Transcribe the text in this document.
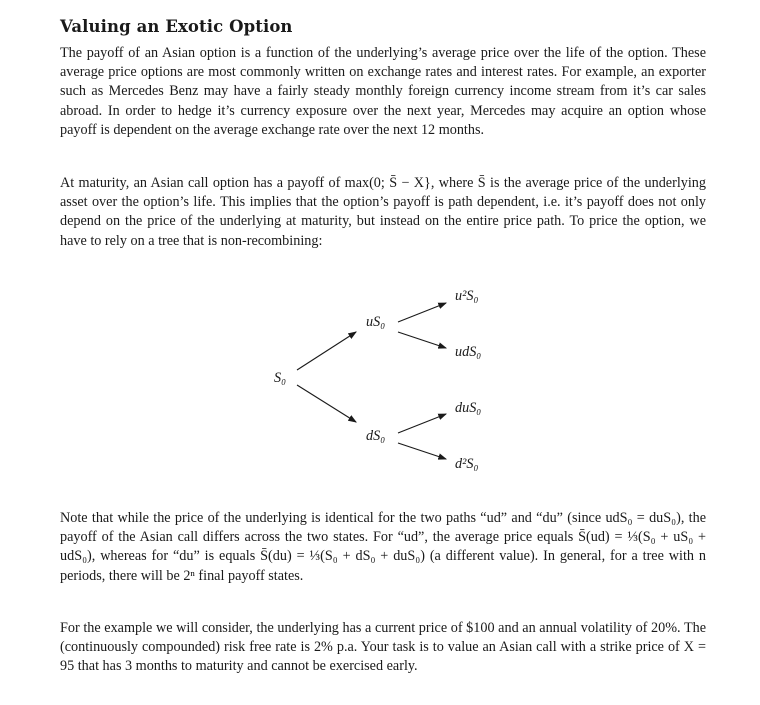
Valuing an Exotic Option

The payoff of an Asian option is a function of the underlying’s average price over the life of the option. These average price options are most commonly written on exchange rates and interest rates. For example, an exporter such as Mercedes Benz may have a fairly steady monthly foreign currency income stream from it’s car sales abroad. In order to hedge it’s currency exposure over the next year, Mercedes may acquire an option whose payoff is dependent on the average exchange rate over the next 12 months.

At maturity, an Asian call option has a payoff of max(0; S̄ − X}, where S̄ is the average price of the underlying asset over the option’s life. This implies that the option’s payoff is path dependent, i.e. it’s payoff does not only depend on the price of the underlying at maturity, but instead on the entire price path. To price the option, we have to rely on a tree that is non-recombining:

Note that while the price of the underlying is identical for the two paths “ud” and “du” (since udS₀ = duS₀), the payoff of the Asian call differs across the two states. For “ud”, the average price equals S̄(ud) = ⅓(S₀ + uS₀ + udS₀), whereas for “du” is equals S̄(du) = ⅓(S₀ + dS₀ + duS₀) (a different value). In general, for a tree with n periods, there will be 2ⁿ final payoff states.

For the example we will consider, the underlying has a current price of $100 and an annual volatility of 20%. The (continuously compounded) risk free rate is 2% p.a. Your task is to value an Asian call with a strike price of X = 95 that has 3 months to maturity and cannot be exercised early.

S₀
uS₀
dS₀
u²S₀
udS₀
duS₀
d²S₀
